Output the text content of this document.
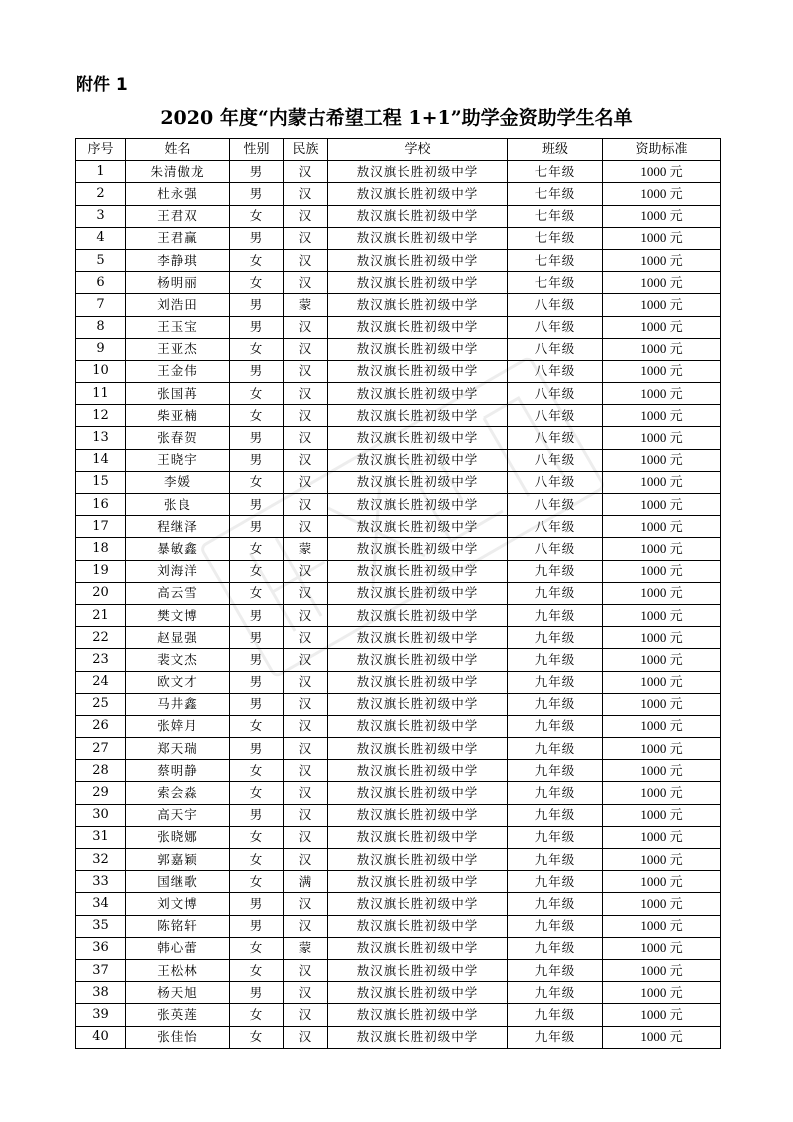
附件 1
2020 年度“内蒙古希望工程 1+1”助学金资助学生名单
序号	姓名	性别	民族	学校	班级	资助标准
1	朱清傲龙	男	汉	敖汉旗长胜初级中学	七年级	1000 元
2	杜永强	男	汉	敖汉旗长胜初级中学	七年级	1000 元
3	王君双	女	汉	敖汉旗长胜初级中学	七年级	1000 元
4	王君赢	男	汉	敖汉旗长胜初级中学	七年级	1000 元
5	李静琪	女	汉	敖汉旗长胜初级中学	七年级	1000 元
6	杨明丽	女	汉	敖汉旗长胜初级中学	七年级	1000 元
7	刘浩田	男	蒙	敖汉旗长胜初级中学	八年级	1000 元
8	王玉宝	男	汉	敖汉旗长胜初级中学	八年级	1000 元
9	王亚杰	女	汉	敖汉旗长胜初级中学	八年级	1000 元
10	王金伟	男	汉	敖汉旗长胜初级中学	八年级	1000 元
11	张国苒	女	汉	敖汉旗长胜初级中学	八年级	1000 元
12	柴亚楠	女	汉	敖汉旗长胜初级中学	八年级	1000 元
13	张春贺	男	汉	敖汉旗长胜初级中学	八年级	1000 元
14	王晓宇	男	汉	敖汉旗长胜初级中学	八年级	1000 元
15	李媛	女	汉	敖汉旗长胜初级中学	八年级	1000 元
16	张良	男	汉	敖汉旗长胜初级中学	八年级	1000 元
17	程继泽	男	汉	敖汉旗长胜初级中学	八年级	1000 元
18	暴敏鑫	女	蒙	敖汉旗长胜初级中学	八年级	1000 元
19	刘海洋	女	汉	敖汉旗长胜初级中学	九年级	1000 元
20	高云雪	女	汉	敖汉旗长胜初级中学	九年级	1000 元
21	樊文博	男	汉	敖汉旗长胜初级中学	九年级	1000 元
22	赵显强	男	汉	敖汉旗长胜初级中学	九年级	1000 元
23	裴文杰	男	汉	敖汉旗长胜初级中学	九年级	1000 元
24	欧文才	男	汉	敖汉旗长胜初级中学	九年级	1000 元
25	马井鑫	男	汉	敖汉旗长胜初级中学	九年级	1000 元
26	张婞月	女	汉	敖汉旗长胜初级中学	九年级	1000 元
27	郑天瑞	男	汉	敖汉旗长胜初级中学	九年级	1000 元
28	蔡明静	女	汉	敖汉旗长胜初级中学	九年级	1000 元
29	索会淼	女	汉	敖汉旗长胜初级中学	九年级	1000 元
30	高天宇	男	汉	敖汉旗长胜初级中学	九年级	1000 元
31	张晓娜	女	汉	敖汉旗长胜初级中学	九年级	1000 元
32	郭嘉颖	女	汉	敖汉旗长胜初级中学	九年级	1000 元
33	国继歌	女	满	敖汉旗长胜初级中学	九年级	1000 元
34	刘文博	男	汉	敖汉旗长胜初级中学	九年级	1000 元
35	陈铭轩	男	汉	敖汉旗长胜初级中学	九年级	1000 元
36	韩心蕾	女	蒙	敖汉旗长胜初级中学	九年级	1000 元
37	王松林	女	汉	敖汉旗长胜初级中学	九年级	1000 元
38	杨天旭	男	汉	敖汉旗长胜初级中学	九年级	1000 元
39	张英莲	女	汉	敖汉旗长胜初级中学	九年级	1000 元
40	张佳怡	女	汉	敖汉旗长胜初级中学	九年级	1000 元
